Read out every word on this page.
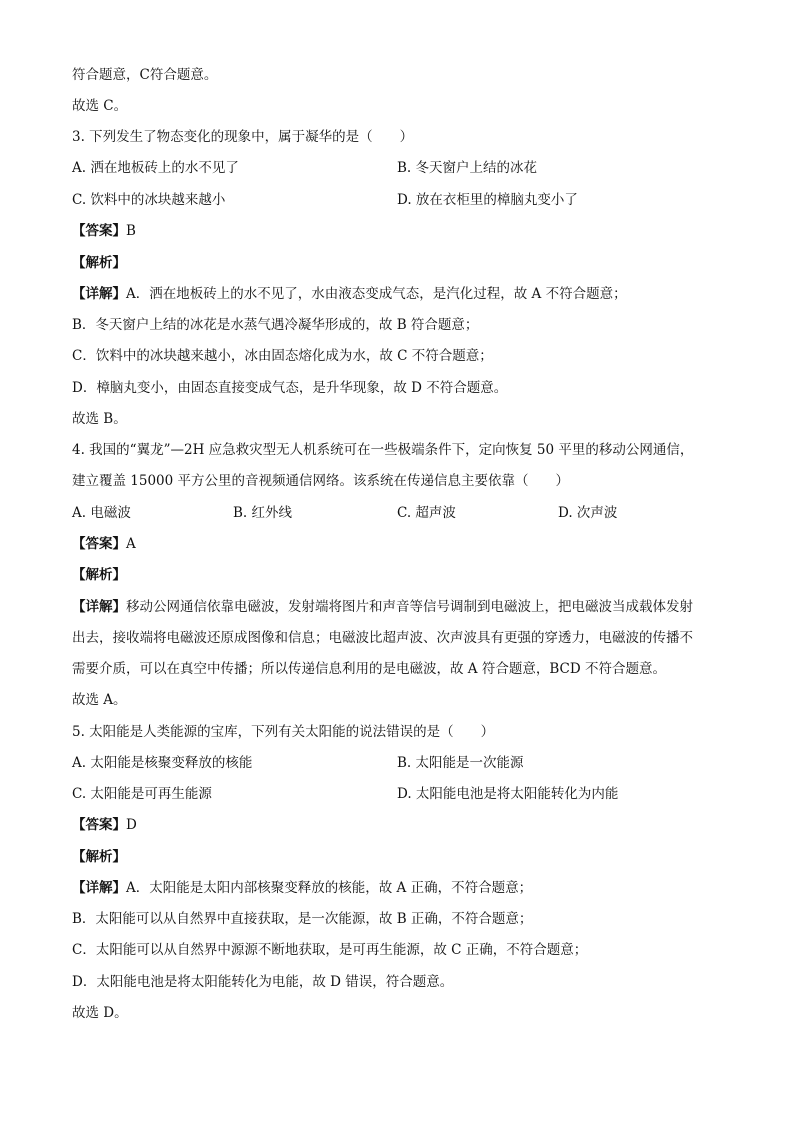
符合题意，C符合题意。
故选 C。
3. 下列发生了物态变化的现象中，属于凝华的是（　　）
A. 洒在地板砖上的水不见了	B. 冬天窗户上结的冰花
C. 饮料中的冰块越来越小	D. 放在衣柜里的樟脑丸变小了
【答案】B
【解析】
【详解】A．洒在地板砖上的水不见了，水由液态变成气态，是汽化过程，故 A 不符合题意；
B．冬天窗户上结的冰花是水蒸气遇冷凝华形成的，故 B 符合题意；
C．饮料中的冰块越来越小，冰由固态熔化成为水，故 C 不符合题意；
D．樟脑丸变小，由固态直接变成气态，是升华现象，故 D 不符合题意。
故选 B。
4. 我国的“翼龙”—2H 应急救灾型无人机系统可在一些极端条件下，定向恢复 50 平里的移动公网通信，
建立覆盖 15000 平方公里的音视频通信网络。该系统在传递信息主要依靠（　　）
A. 电磁波	B. 红外线	C. 超声波	D. 次声波
【答案】A
【解析】
【详解】移动公网通信依靠电磁波，发射端将图片和声音等信号调制到电磁波上，把电磁波当成载体发射
出去，接收端将电磁波还原成图像和信息；电磁波比超声波、次声波具有更强的穿透力，电磁波的传播不
需要介质，可以在真空中传播；所以传递信息利用的是电磁波，故 A 符合题意，BCD 不符合题意。
故选 A。
5. 太阳能是人类能源的宝库，下列有关太阳能的说法错误的是（　　）
A. 太阳能是核聚变释放的核能	B. 太阳能是一次能源
C. 太阳能是可再生能源	D. 太阳能电池是将太阳能转化为内能
【答案】D
【解析】
【详解】A．太阳能是太阳内部核聚变释放的核能，故 A 正确，不符合题意；
B．太阳能可以从自然界中直接获取，是一次能源，故 B 正确，不符合题意；
C．太阳能可以从自然界中源源不断地获取，是可再生能源，故 C 正确，不符合题意；
D．太阳能电池是将太阳能转化为电能，故 D 错误，符合题意。
故选 D。
